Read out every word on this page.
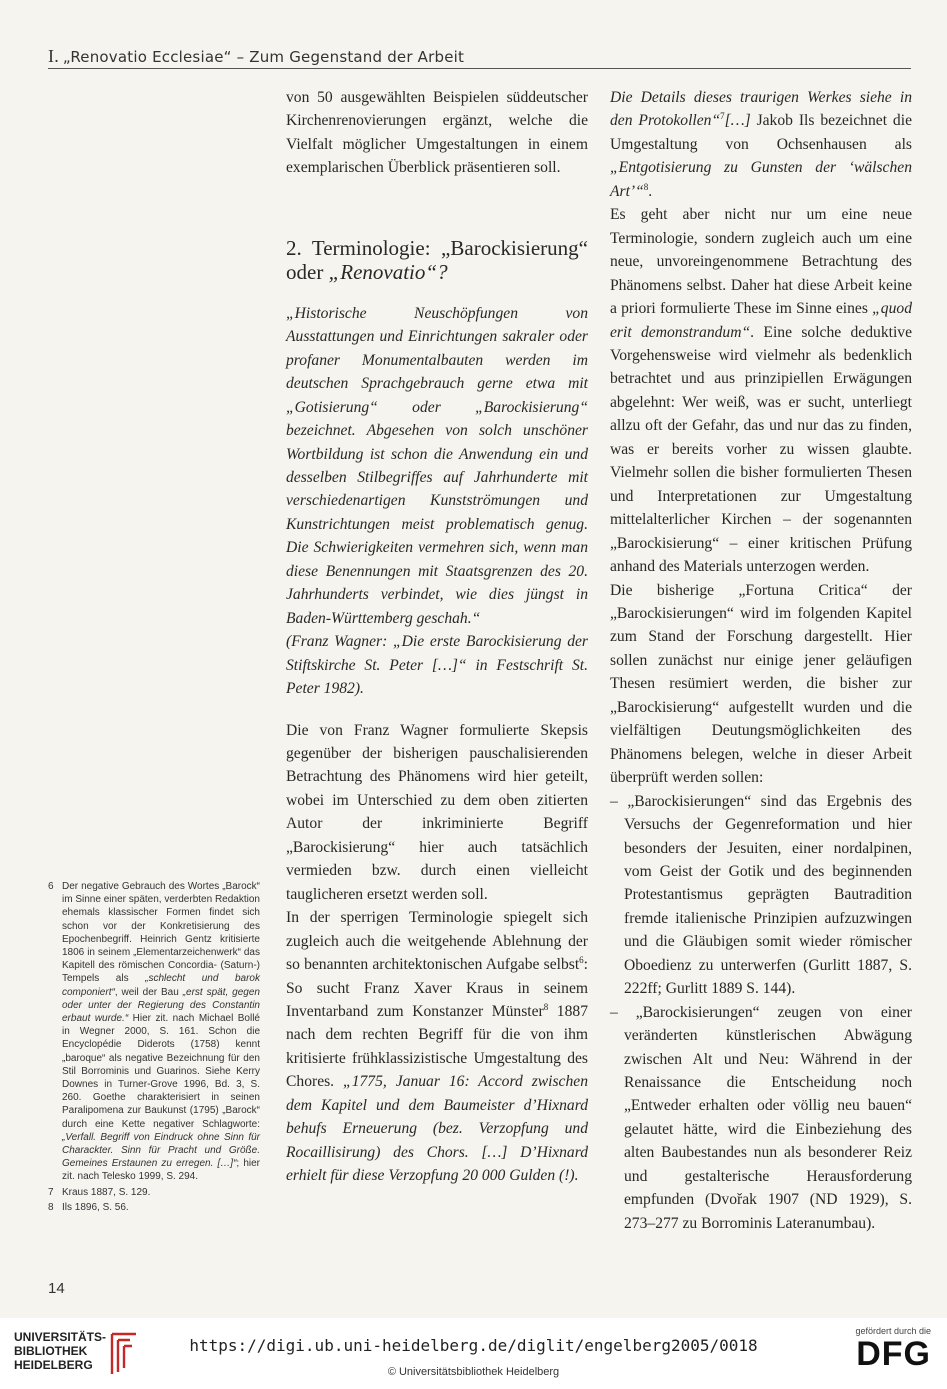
I. „Renovatio Ecclesiae“ – Zum Gegenstand der Arbeit

von 50 ausgewählten Beispielen süddeutscher Kirchenrenovierungen ergänzt, welche die Vielfalt möglicher Umgestaltungen in einem exemplarischen Überblick präsentieren soll.

2. Terminologie: „Barockisierung“ oder „Renovatio“?

„Historische Neuschöpfungen von Ausstattungen und Einrichtungen sakraler oder profaner Monumentalbauten werden im deutschen Sprachgebrauch gerne etwa mit „Gotisierung“ oder „Barockisierung“ bezeichnet. Abgesehen von solch unschöner Wortbildung ist schon die Anwendung ein und desselben Stilbegriffes auf Jahrhunderte mit verschiedenartigen Kunstströmungen und Kunstrichtungen meist problematisch genug. Die Schwierigkeiten vermehren sich, wenn man diese Benennungen mit Staatsgrenzen des 20. Jahrhunderts verbindet, wie dies jüngst in Baden-Württemberg geschah.“

(Franz Wagner: „Die erste Barockisierung der Stiftskirche St. Peter […]“ in Festschrift St. Peter 1982).

Die von Franz Wagner formulierte Skepsis gegenüber der bisherigen pauschalisierenden Betrachtung des Phänomens wird hier geteilt, wobei im Unterschied zu dem oben zitierten Autor der inkriminierte Begriff „Barockisierung“ hier auch tatsächlich vermieden bzw. durch einen vielleicht tauglicheren ersetzt werden soll.

In der sperrigen Terminologie spiegelt sich zugleich auch die weitgehende Ablehnung der so benannten architektonischen Aufgabe selbst$^6$: So sucht Franz Xaver Kraus in seinem Inventarband zum Konstanzer Münster$^8$ 1887 nach dem rechten Begriff für die von ihm kritisierte frühklassizistische Umgestaltung des Chores. „1775, Januar 16: Accord zwischen dem Kapitel und dem Baumeister d’Hixnard behufs Erneuerung (bez. Verzopfung und Rocaillisirung) des Chors. […] D’Hixnard erhielt für diese Verzopfung 20 000 Gulden (!).

Die Details dieses traurigen Werkes siehe in den Protokollen“$^7$[…] Jakob Ils bezeichnet die Umgestaltung von Ochsenhausen als „Entgotisierung zu Gunsten der ‘wälschen Art’“$^8$.

Es geht aber nicht nur um eine neue Terminologie, sondern zugleich auch um eine neue, unvoreingenommene Betrachtung des Phänomens selbst. Daher hat diese Arbeit keine a priori formulierte These im Sinne eines „quod erit demonstrandum“. Eine solche deduktive Vorgehensweise wird vielmehr als bedenklich betrachtet und aus prinzipiellen Erwägungen abgelehnt: Wer weiß, was er sucht, unterliegt allzu oft der Gefahr, das und nur das zu finden, was er bereits vorher zu wissen glaubte. Vielmehr sollen die bisher formulierten Thesen und Interpretationen zur Umgestaltung mittelalterlicher Kirchen – der sogenannten „Barockisierung“ – einer kritischen Prüfung anhand des Materials unterzogen werden.

Die bisherige „Fortuna Critica“ der „Barockisierungen“ wird im folgenden Kapitel zum Stand der Forschung dargestellt. Hier sollen zunächst nur einige jener geläufigen Thesen resümiert werden, die bisher zur „Barockisierung“ aufgestellt wurden und die vielfältigen Deutungsmöglichkeiten des Phänomens belegen, welche in dieser Arbeit überprüft werden sollen:

– „Barockisierungen“ sind das Ergebnis des Versuchs der Gegenreformation und hier besonders der Jesuiten, einer nordalpinen, vom Geist der Gotik und des beginnenden Protestantismus geprägten Bautradition fremde italienische Prinzipien aufzuzwingen und die Gläubigen somit wieder römischer Oboedienz zu unterwerfen (Gurlitt 1887, S. 222ff; Gurlitt 1889 S. 144).

– „Barockisierungen“ zeugen von einer veränderten künstlerischen Abwägung zwischen Alt und Neu: Während in der Renaissance die Entscheidung noch „Entweder erhalten oder völlig neu bauen“ gelautet hätte, wird die Einbeziehung des alten Baubestandes nun als besonderer Reiz und gestalterische Herausforderung empfunden (Dvořak 1907 (ND 1929), S. 273–277 zu Borrominis Lateranumbau).

6 Der negative Gebrauch des Wortes „Barock“ im Sinne einer späten, verderbten Redaktion ehemals klassischer Formen findet sich schon vor der Konkretisierung des Epochenbegriff. Heinrich Gentz kritisierte 1806 in seinem „Elementarzeichenwerk“ das Kapitell des römischen Concordia- (Saturn-) Tempels als „schlecht und barok componiert“, weil der Bau „erst spät, gegen oder unter der Regierung des Constantin erbaut wurde.“ Hier zit. nach Michael Bollé in Wegner 2000, S. 161. Schon die Encyclopédie Diderots (1758) kennt „baroque“ als negative Bezeichnung für den Stil Borrominis und Guarinos. Siehe Kerry Downes in Turner-Grove 1996, Bd. 3, S. 260. Goethe charakterisiert in seinen Paralipomena zur Baukunst (1795) „Barock“ durch eine Kette negativer Schlagworte: „Verfall. Begriff von Eindruck ohne Sinn für Charackter. Sinn für Pracht und Größe. Gemeines Erstaunen zu erregen. […]“; hier zit. nach Telesko 1999, S. 294.
7 Kraus 1887, S. 129.
8 Ils 1896, S. 56.
14
UNIVERSITÄTS-
BIBLIOTHEK
HEIDELBERG
https://digi.ub.uni-heidelberg.de/diglit/engelberg2005/0018
© Universitätsbibliothek Heidelberg
gefördert durch die
DFG
